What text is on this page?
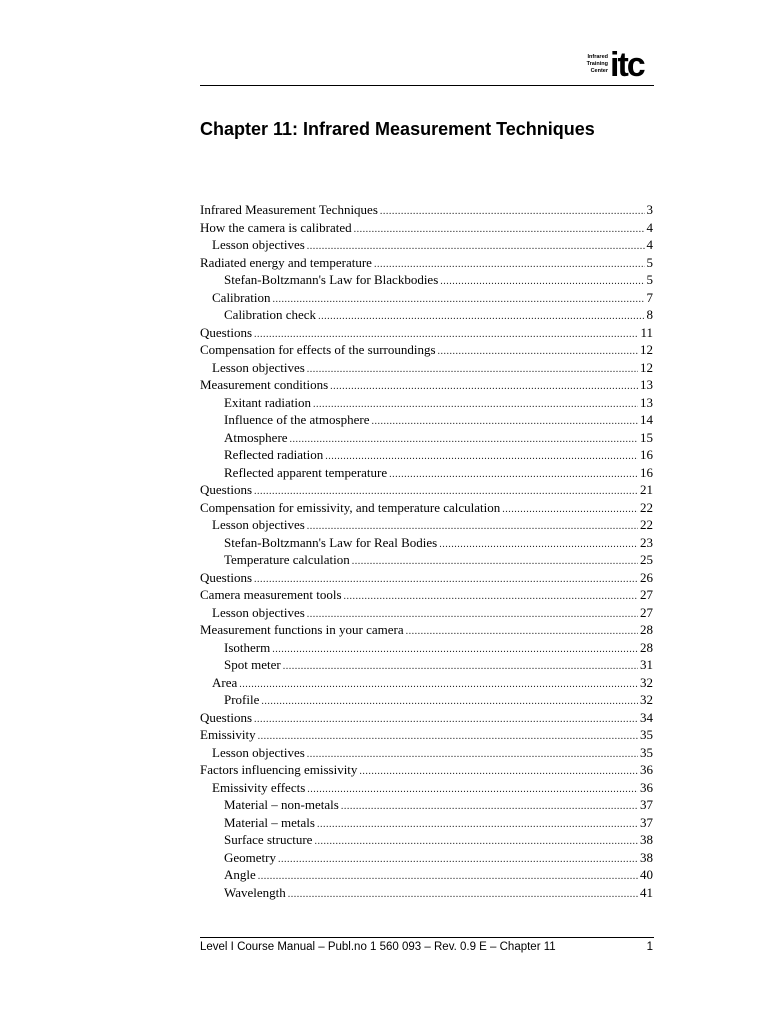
Infrared
Training
Center itc
Chapter 11: Infrared Measurement Techniques
Infrared Measurement Techniques .....	3
How the camera is calibrated .....	4
Lesson objectives .....	4
Radiated energy and temperature .....	5
Stefan-Boltzmann's Law for Blackbodies .....	5
Calibration .....	7
Calibration check .....	8
Questions .....	11
Compensation for effects of the surroundings .....	12
Lesson objectives .....	12
Measurement conditions .....	13
Exitant radiation .....	13
Influence of the atmosphere .....	14
Atmosphere .....	15
Reflected radiation .....	16
Reflected apparent temperature .....	16
Questions .....	21
Compensation for emissivity, and temperature calculation .....	22
Lesson objectives .....	22
Stefan-Boltzmann's Law for Real Bodies .....	23
Temperature calculation .....	25
Questions .....	26
Camera measurement tools .....	27
Lesson objectives .....	27
Measurement functions in your camera .....	28
Isotherm .....	28
Spot meter .....	31
Area .....	32
Profile .....	32
Questions .....	34
Emissivity .....	35
Lesson objectives .....	35
Factors influencing emissivity .....	36
Emissivity effects .....	36
Material – non-metals .....	37
Material – metals .....	37
Surface structure .....	38
Geometry .....	38
Angle .....	40
Wavelength .....	41
Level I Course Manual – Publ.no 1 560 093 – Rev. 0.9 E – Chapter 11	1
